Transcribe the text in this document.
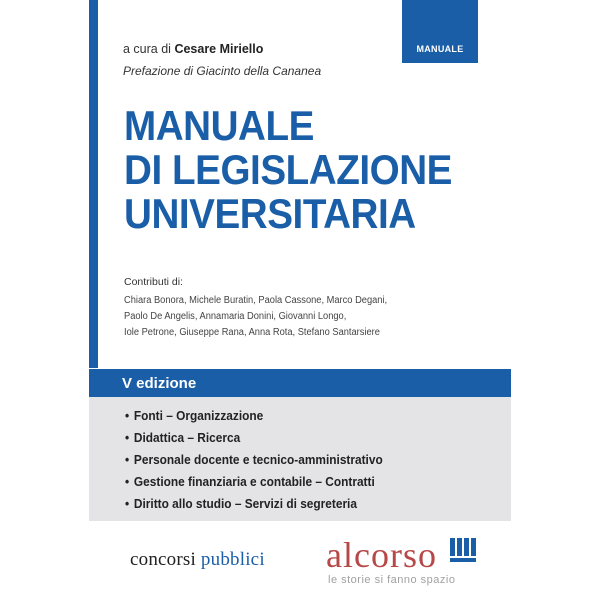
MANUALE
a cura di Cesare Miriello
Prefazione di Giacinto della Cananea
MANUALE
DI LEGISLAZIONE
UNIVERSITARIA
Contributi di:
Chiara Bonora, Michele Buratin, Paola Cassone, Marco Degani,
Paolo De Angelis, Annamaria Donini, Giovanni Longo,
Iole Petrone, Giuseppe Rana, Anna Rota, Stefano Santarsiere
V edizione
• Fonti – Organizzazione
• Didattica – Ricerca
• Personale docente e tecnico-amministrativo
• Gestione finanziaria e contabile – Contratti
• Diritto allo studio – Servizi di segreteria
concorsi pubblici alcorso
le storie si fanno spazio
